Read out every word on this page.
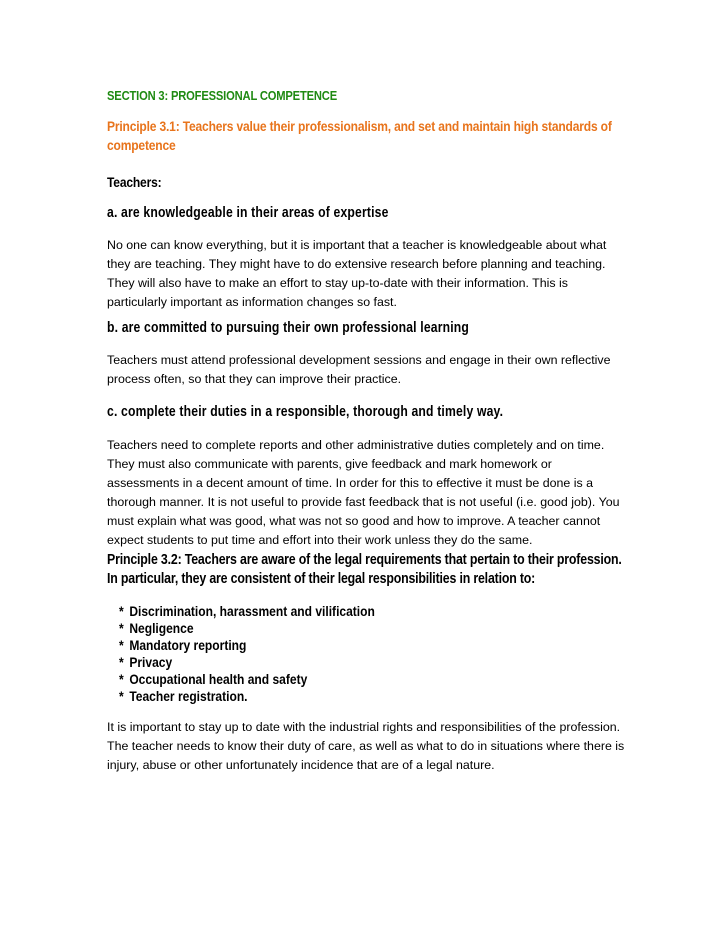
SECTION 3: PROFESSIONAL COMPETENCE
Principle 3.1: Teachers value their professionalism, and set and maintain high standards of competence
Teachers:
a. are knowledgeable in their areas of expertise
No one can know everything, but it is important that a teacher is knowledgeable about what they are teaching. They might have to do extensive research before planning and teaching. They will also have to make an effort to stay up-to-date with their information. This is particularly important as information changes so fast.
b. are committed to pursuing their own professional learning
Teachers must attend professional development sessions and engage in their own reflective process often, so that they can improve their practice.
c. complete their duties in a responsible, thorough and timely way.
Teachers need to complete reports and other administrative duties completely and on time. They must also communicate with parents, give feedback and mark homework or assessments in a decent amount of time. In order for this to effective it must be done is a thorough manner. It is not useful to provide fast feedback that is not useful (i.e. good job). You must explain what was good, what was not so good and how to improve. A teacher cannot expect students to put time and effort into their work unless they do the same.
Principle 3.2: Teachers are aware of the legal requirements that pertain to their profession. In particular, they are consistent of their legal responsibilities in relation to:
* Discrimination, harassment and vilification
* Negligence
* Mandatory reporting
* Privacy
* Occupational health and safety
* Teacher registration.
It is important to stay up to date with the industrial rights and responsibilities of the profession. The teacher needs to know their duty of care, as well as what to do in situations where there is injury, abuse or other unfortunately incidence that are of a legal nature.
